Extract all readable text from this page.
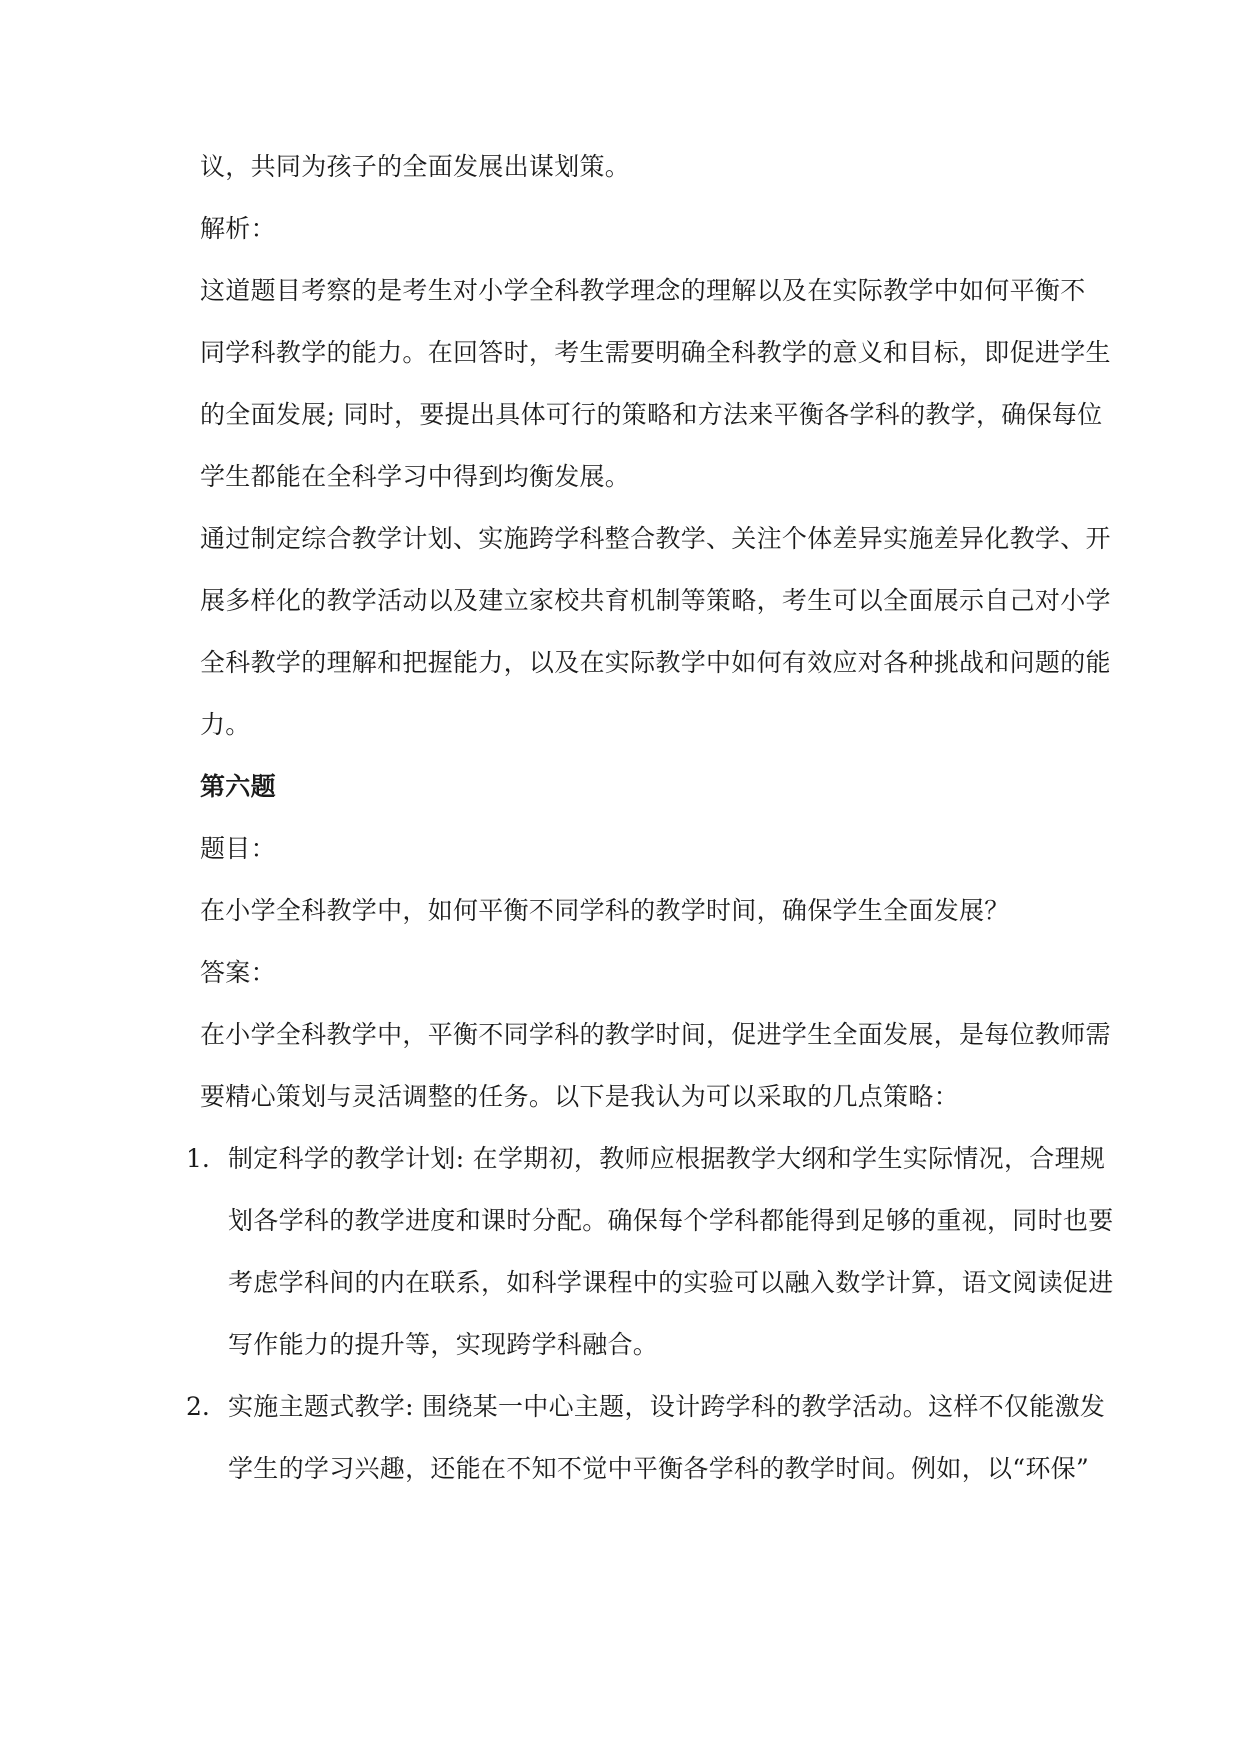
议，共同为孩子的全面发展出谋划策。
解析：
这道题目考察的是考生对小学全科教学理念的理解以及在实际教学中如何平衡不
同学科教学的能力。在回答时，考生需要明确全科教学的意义和目标，即促进学生
的全面发展; 同时，要提出具体可行的策略和方法来平衡各学科的教学，确保每位
学生都能在全科学习中得到均衡发展。
通过制定综合教学计划、实施跨学科整合教学、关注个体差异实施差异化教学、开
展多样化的教学活动以及建立家校共育机制等策略，考生可以全面展示自己对小学
全科教学的理解和把握能力，以及在实际教学中如何有效应对各种挑战和问题的能
力。
第六题
题目：
在小学全科教学中，如何平衡不同学科的教学时间，确保学生全面发展？
答案：
在小学全科教学中，平衡不同学科的教学时间，促进学生全面发展，是每位教师需
要精心策划与灵活调整的任务。以下是我认为可以采取的几点策略：
1. 制定科学的教学计划: 在学期初，教师应根据教学大纲和学生实际情况，合理规
划各学科的教学进度和课时分配。确保每个学科都能得到足够的重视，同时也要
考虑学科间的内在联系，如科学课程中的实验可以融入数学计算，语文阅读促进
写作能力的提升等，实现跨学科融合。
2. 实施主题式教学: 围绕某一中心主题，设计跨学科的教学活动。这样不仅能激发
学生的学习兴趣，还能在不知不觉中平衡各学科的教学时间。例如，以“环保”
